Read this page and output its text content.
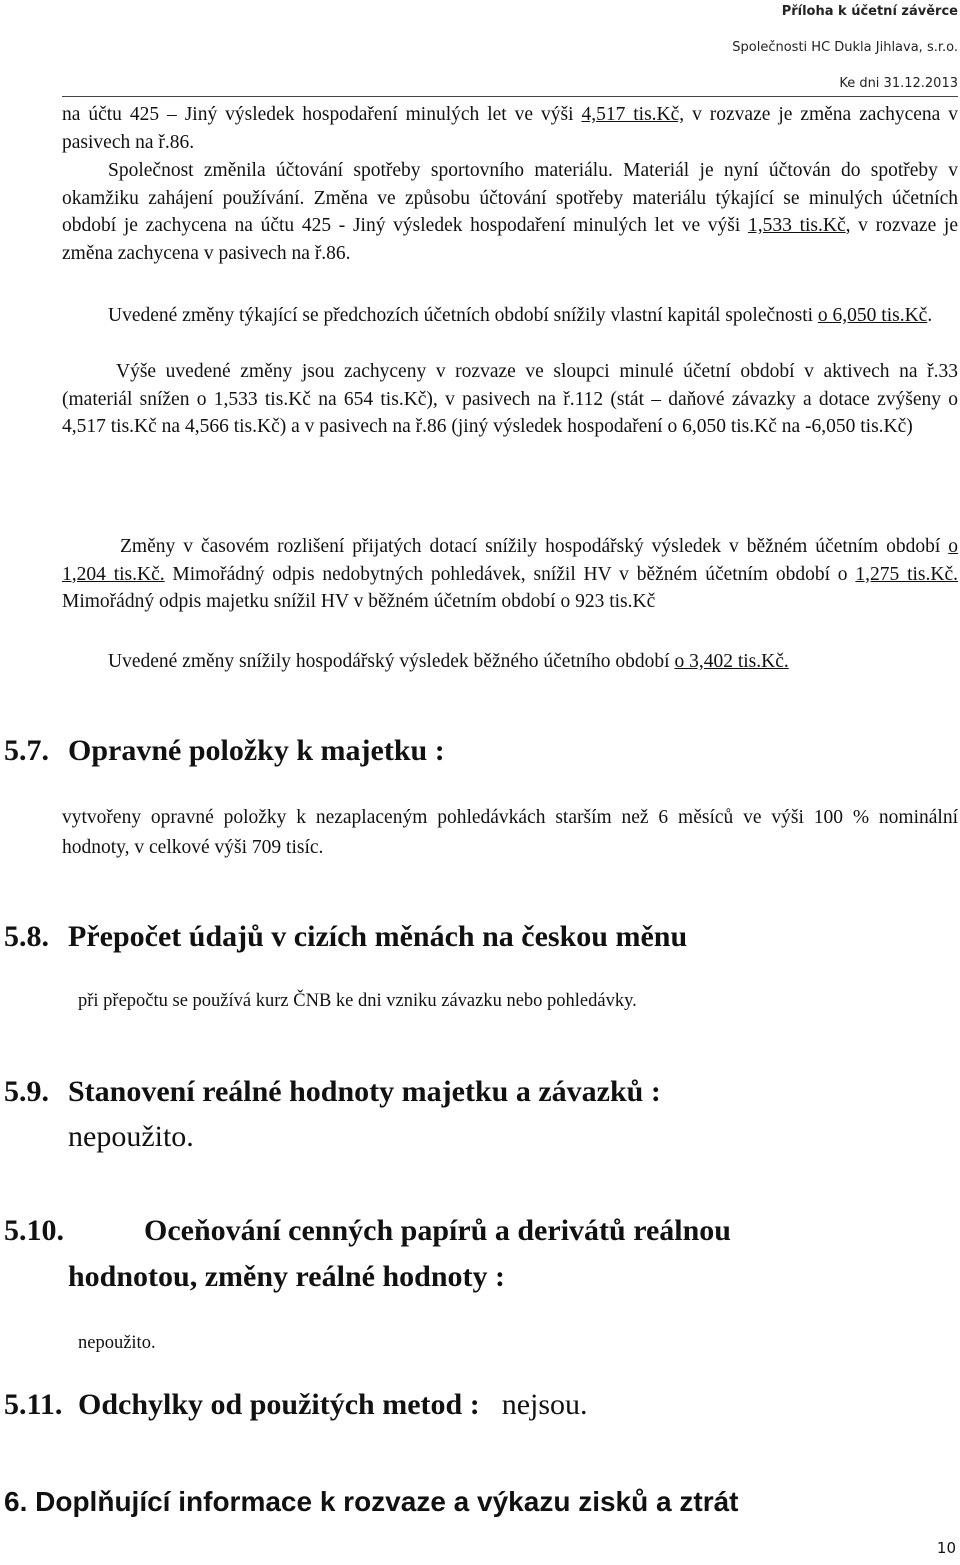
Příloha k účetní závěrce
Společnosti HC Dukla Jihlava, s.r.o.
Ke dni 31.12.2013
na účtu 425 – Jiný výsledek hospodaření minulých let ve výši 4,517 tis.Kč, v rozvaze je změna zachycena v pasivech na ř.86.
Společnost změnila účtování spotřeby sportovního materiálu. Materiál je nyní účtován do spotřeby v okamžiku zahájení používání. Změna ve způsobu účtování spotřeby materiálu týkající se minulých účetních období je zachycena na účtu 425 - Jiný výsledek hospodaření minulých let ve výši 1,533 tis.Kč, v rozvaze je změna zachycena v pasivech na ř.86.
Uvedené změny týkající se předchozích účetních období snížily vlastní kapitál společnosti o 6,050 tis.Kč.
Výše uvedené změny jsou zachyceny v rozvaze ve sloupci minulé účetní období v aktivech na ř.33 (materiál snížen o 1,533 tis.Kč na 654 tis.Kč), v pasivech na ř.112 (stát – daňové závazky a dotace zvýšeny o 4,517 tis.Kč na 4,566 tis.Kč) a v pasivech na ř.86 (jiný výsledek hospodaření o 6,050 tis.Kč na -6,050 tis.Kč)
Změny v časovém rozlišení přijatých dotací snížily hospodářský výsledek v běžném účetním období o 1,204 tis.Kč. Mimořádný odpis nedobytných pohledávek, snížil HV v běžném účetním období o 1,275 tis.Kč. Mimořádný odpis majetku snížil HV v běžném účetním období o 923 tis.Kč
Uvedené změny snížily hospodářský výsledek běžného účetního období o 3,402 tis.Kč.
5.7. Opravné položky k majetku :
vytvořeny opravné položky k nezaplaceným pohledávkách starším než 6 měsíců ve výši 100 % nominální hodnoty, v celkové výši 709 tisíc.
5.8. Přepočet údajů v cizích měnách na českou měnu
při přepočtu se používá kurz ČNB ke dni vzniku závazku nebo pohledávky.
5.9. Stanovení reálné hodnoty majetku a závazků :
nepoužito.
5.10.	Oceňování cenných papírů a derivátů reálnou
hodnotou, změny reálné hodnoty :
nepoužito.
5.11. Odchylky od použitých metod : nejsou.
6. Doplňující informace k rozvaze a výkazu zisků a ztrát
10
